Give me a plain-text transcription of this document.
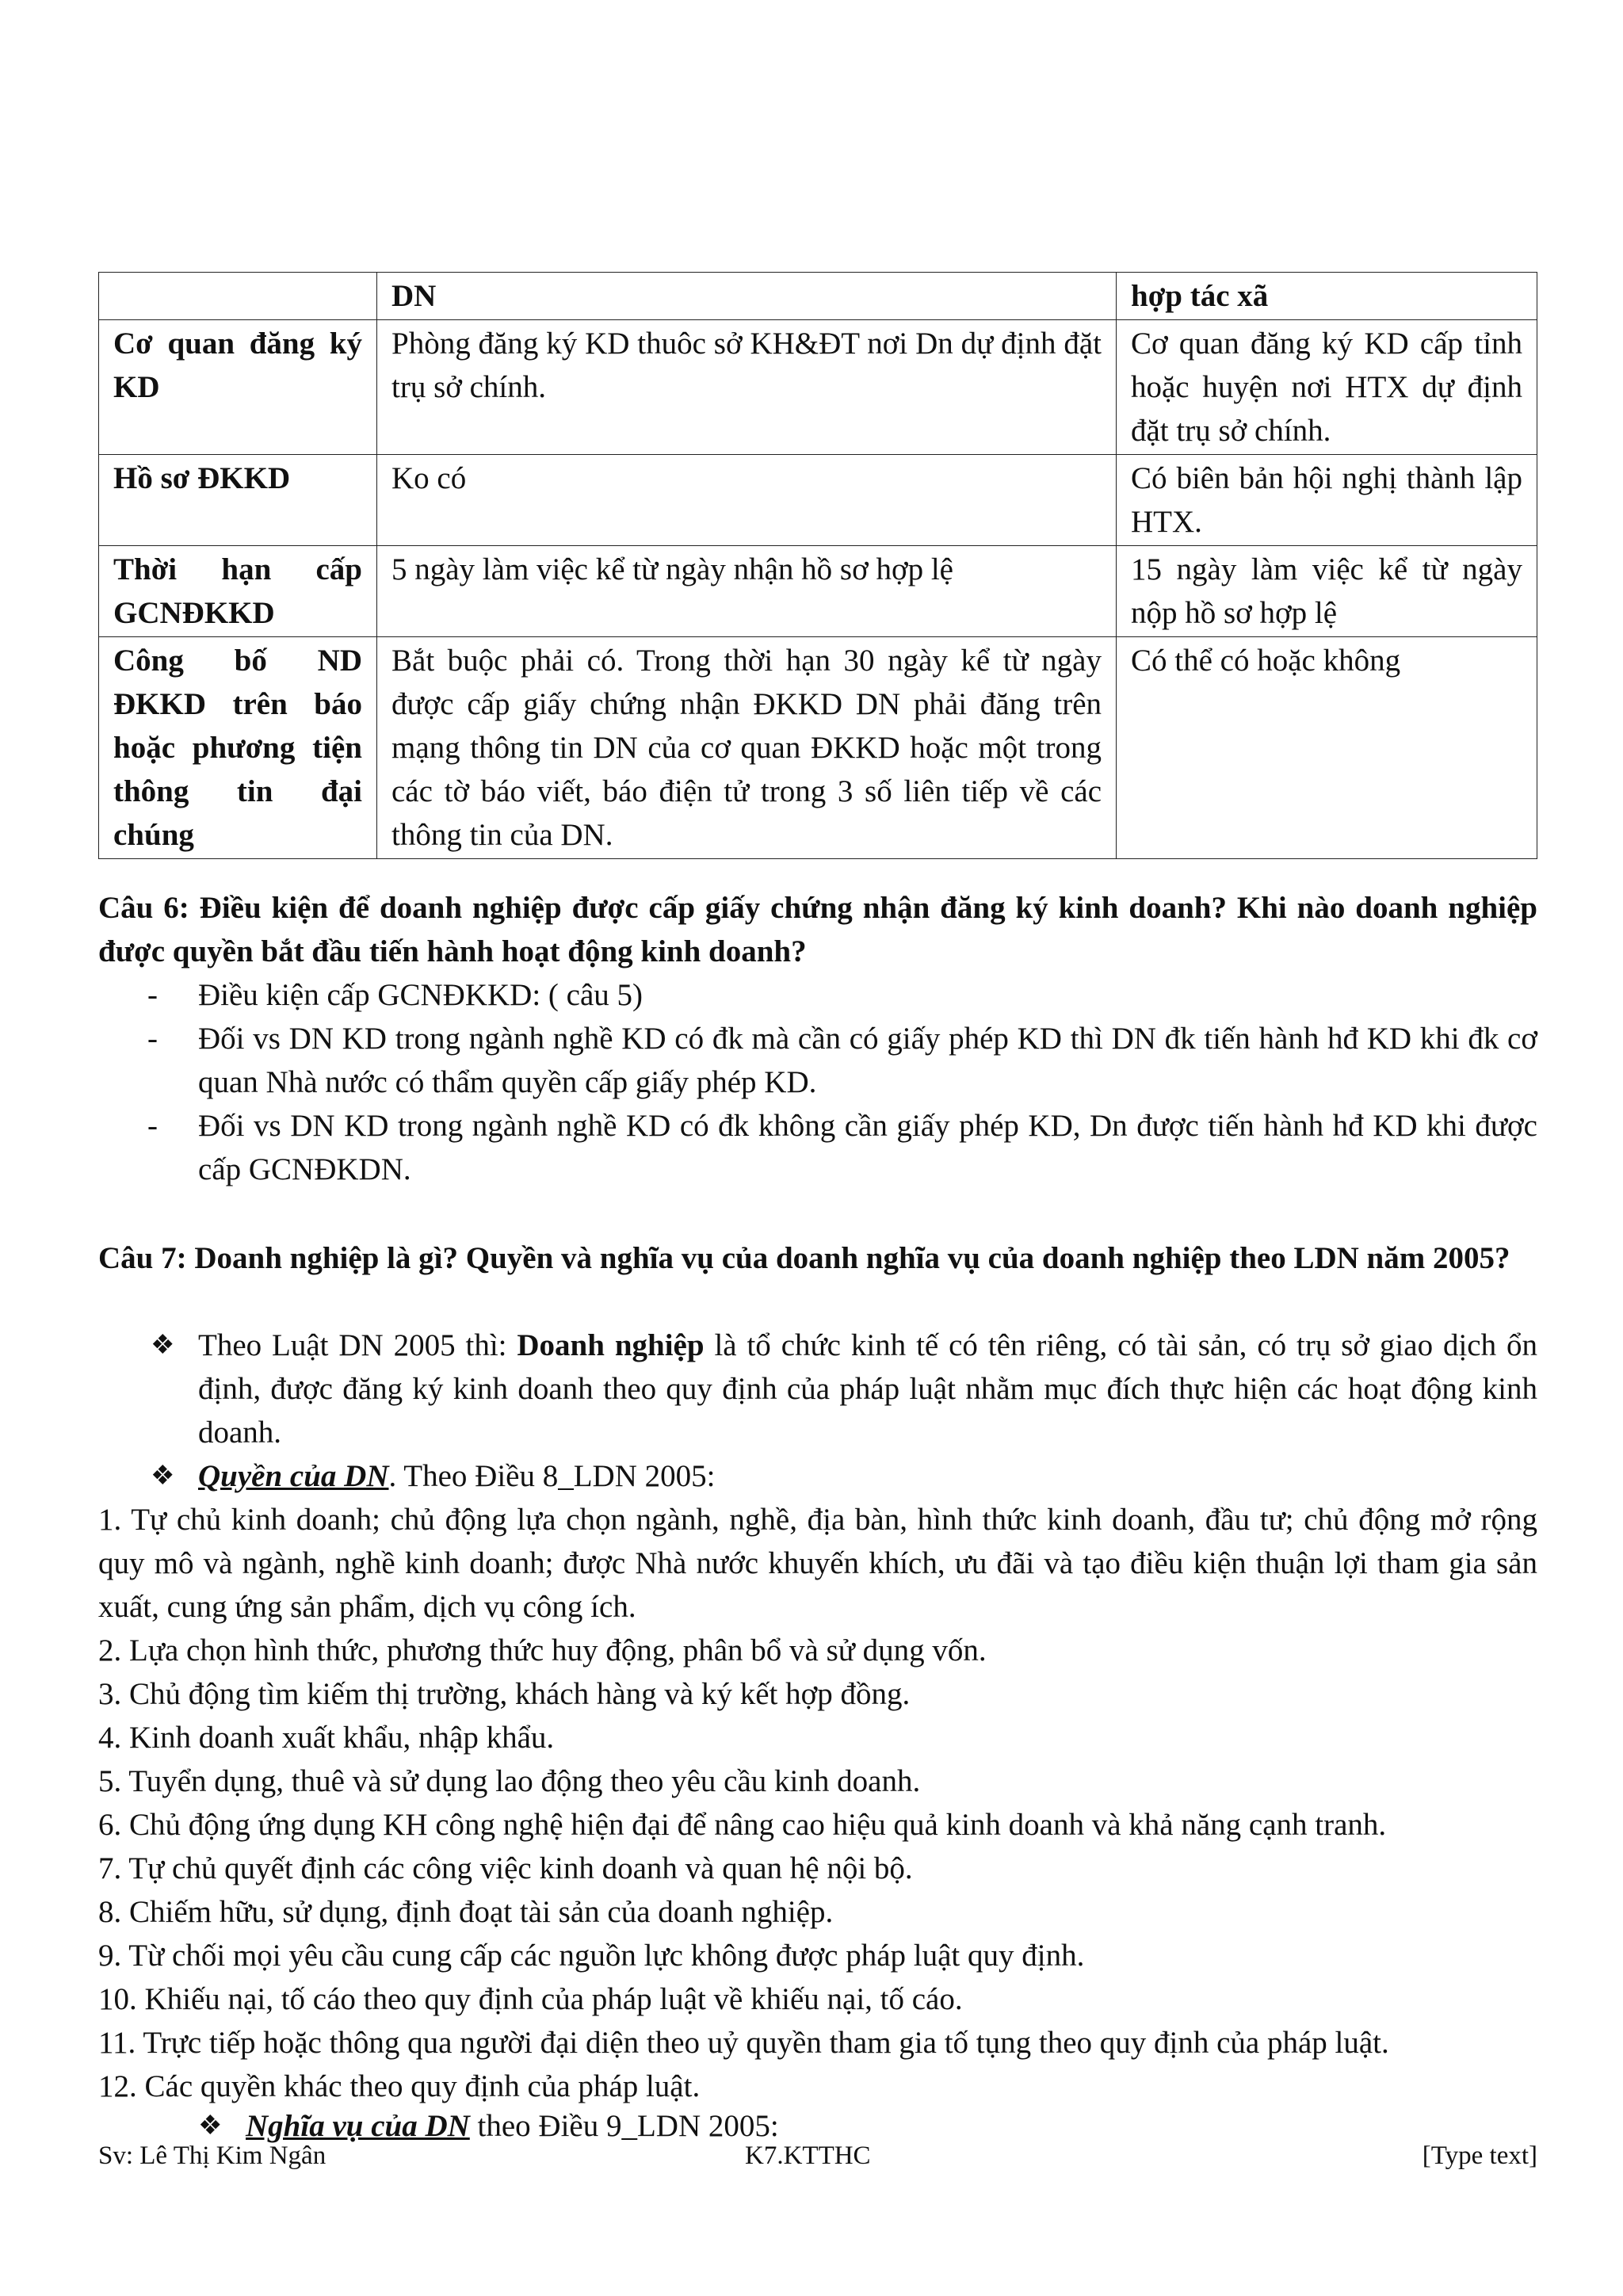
	DN	hợp tác xã
Cơ quan đăng ký KD	Phòng đăng ký KD thuôc sở KH&ĐT nơi Dn dự định đặt trụ sở chính.	Cơ quan đăng ký KD cấp tỉnh hoặc huyện nơi HTX dự định đặt trụ sở chính.
Hồ sơ ĐKKD	Ko có	Có biên bản hội nghị thành lập HTX.
Thời hạn cấp GCNĐKKD	5 ngày làm việc kể từ ngày nhận hồ sơ hợp lệ	15 ngày làm việc kể từ ngày nộp hồ sơ hợp lệ
Công bố ND ĐKKD trên báo hoặc phương tiện thông tin đại chúng	Bắt buộc phải có. Trong thời hạn 30 ngày kể từ ngày được cấp giấy chứng nhận ĐKKD DN phải đăng trên mạng thông tin DN của cơ quan ĐKKD hoặc một trong các tờ báo viết, báo điện tử trong 3 số liên tiếp về các thông tin của DN.	Có thể có hoặc không
Câu 6: Điều kiện để doanh nghiệp được cấp giấy chứng nhận đăng ký kinh doanh? Khi nào doanh nghiệp được quyền bắt đầu tiến hành hoạt động kinh doanh?
- Điều kiện cấp GCNĐKKD: ( câu 5)
- Đối vs DN KD trong ngành nghề KD có đk mà cần có giấy phép KD thì DN đk tiến hành hđ KD khi đk cơ quan Nhà nước có thẩm quyền cấp giấy phép KD.
- Đối vs DN KD trong ngành nghề KD có đk không cần giấy phép KD, Dn được tiến hành hđ KD khi được cấp GCNĐKDN.
Câu 7: Doanh nghiệp là gì? Quyền và nghĩa vụ của doanh nghĩa vụ của doanh nghiệp theo LDN năm 2005?
❖ Theo Luật DN 2005 thì: Doanh nghiệp là tổ chức kinh tế có tên riêng, có tài sản, có trụ sở giao dịch ổn định, được đăng ký kinh doanh theo quy định của pháp luật nhằm mục đích thực hiện các hoạt động kinh doanh.
❖ Quyền của DN. Theo Điều 8_LDN 2005:
1. Tự chủ kinh doanh; chủ động lựa chọn ngành, nghề, địa bàn, hình thức kinh doanh, đầu tư; chủ động mở rộng quy mô và ngành, nghề kinh doanh; được Nhà nước khuyến khích, ưu đãi và tạo điều kiện thuận lợi tham gia sản xuất, cung ứng sản phẩm, dịch vụ công ích.
2. Lựa chọn hình thức, phương thức huy động, phân bổ và sử dụng vốn.
3. Chủ động tìm kiếm thị trường, khách hàng và ký kết hợp đồng.
4. Kinh doanh xuất khẩu, nhập khẩu.
5. Tuyển dụng, thuê và sử dụng lao động theo yêu cầu kinh doanh.
6. Chủ động ứng dụng KH công nghệ hiện đại để nâng cao hiệu quả kinh doanh và khả năng cạnh tranh.
7. Tự chủ quyết định các công việc kinh doanh và quan hệ nội bộ.
8. Chiếm hữu, sử dụng, định đoạt tài sản của doanh nghiệp.
9. Từ chối mọi yêu cầu cung cấp các nguồn lực không được pháp luật quy định.
10. Khiếu nại, tố cáo theo quy định của pháp luật về khiếu nại, tố cáo.
11. Trực tiếp hoặc thông qua người đại diện theo uỷ quyền tham gia tố tụng theo quy định của pháp luật.
12. Các quyền khác theo quy định của pháp luật.
❖ Nghĩa vụ của DN theo Điều 9_LDN 2005:
Sv: Lê Thị Kim Ngân	K7.KTTHC	[Type text]
